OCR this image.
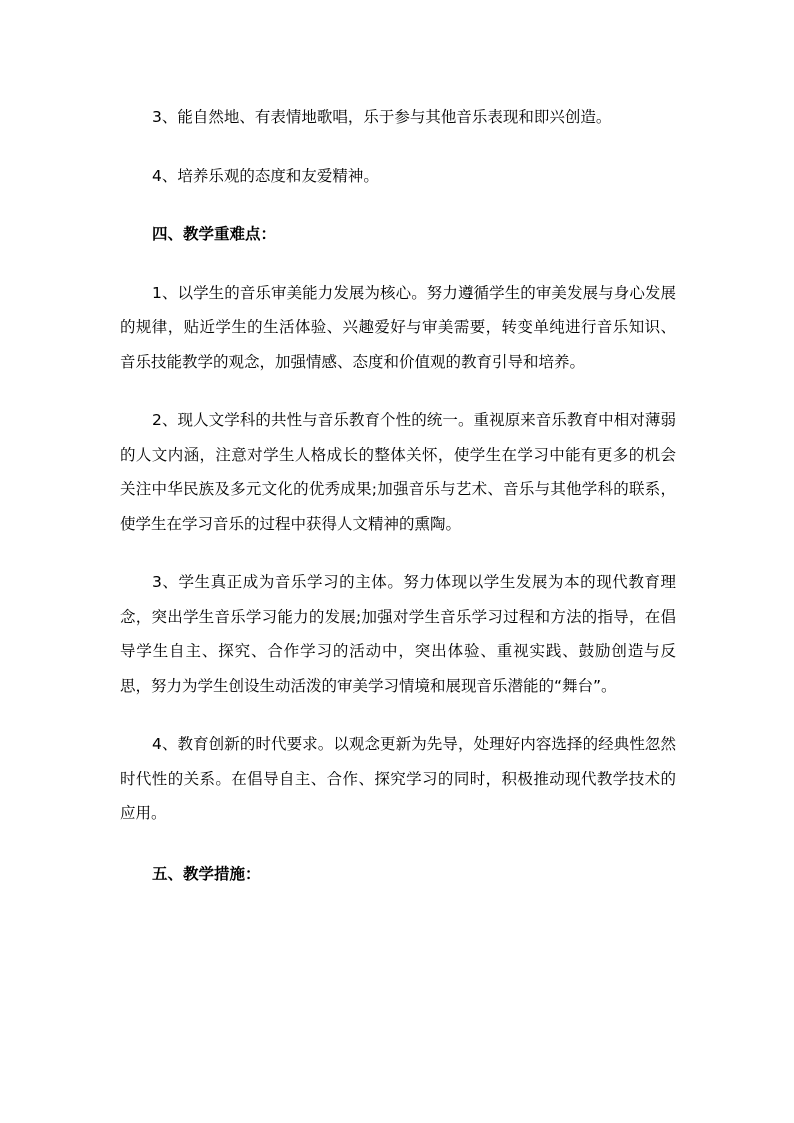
3、能自然地、有表情地歌唱，乐于参与其他音乐表现和即兴创造。

4、培养乐观的态度和友爱精神。

四、教学重难点：

1、以学生的音乐审美能力发展为核心。努力遵循学生的审美发展与身心发展的规律，贴近学生的生活体验、兴趣爱好与审美需要，转变单纯进行音乐知识、音乐技能教学的观念，加强情感、态度和价值观的教育引导和培养。

2、现人文学科的共性与音乐教育个性的统一。重视原来音乐教育中相对薄弱的人文内涵，注意对学生人格成长的整体关怀，使学生在学习中能有更多的机会关注中华民族及多元文化的优秀成果;加强音乐与艺术、音乐与其他学科的联系，使学生在学习音乐的过程中获得人文精神的熏陶。

3、学生真正成为音乐学习的主体。努力体现以学生发展为本的现代教育理念，突出学生音乐学习能力的发展;加强对学生音乐学习过程和方法的指导，在倡导学生自主、探究、合作学习的活动中，突出体验、重视实践、鼓励创造与反思，努力为学生创设生动活泼的审美学习情境和展现音乐潜能的“舞台”。

4、教育创新的时代要求。以观念更新为先导，处理好内容选择的经典性忽然时代性的关系。在倡导自主、合作、探究学习的同时，积极推动现代教学技术的应用。

五、教学措施：
